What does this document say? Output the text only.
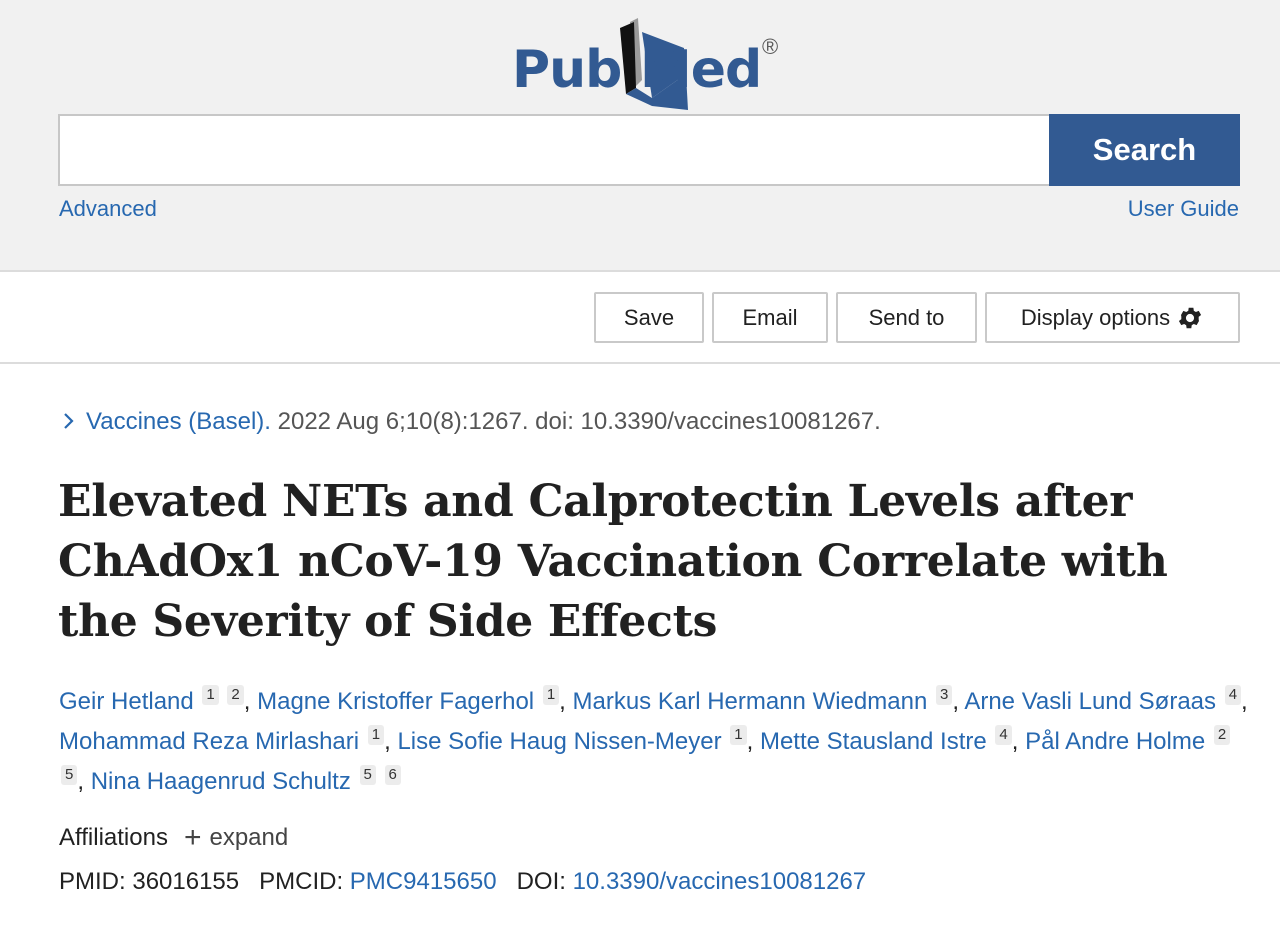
Pub Med ®
Search
Advanced	User Guide
Save	Email	Send to	Display options
Vaccines (Basel). 2022 Aug 6;10(8):1267. doi: 10.3390/vaccines10081267.
Elevated NETs and Calprotectin Levels after ChAdOx1 nCoV-19 Vaccination Correlate with the Severity of Side Effects
Geir Hetland 1 2 , Magne Kristoffer Fagerhol 1 , Markus Karl Hermann Wiedmann 3 , Arne Vasli Lund Søraas 4 , Mohammad Reza Mirlashari 1 , Lise Sofie Haug Nissen-Meyer 1 , Mette Stausland Istre 4 , Pål Andre Holme 2 5 , Nina Haagenrud Schultz 5 6
Affiliations + expand
PMID: 36016155 PMCID: PMC9415650 DOI: 10.3390/vaccines10081267
